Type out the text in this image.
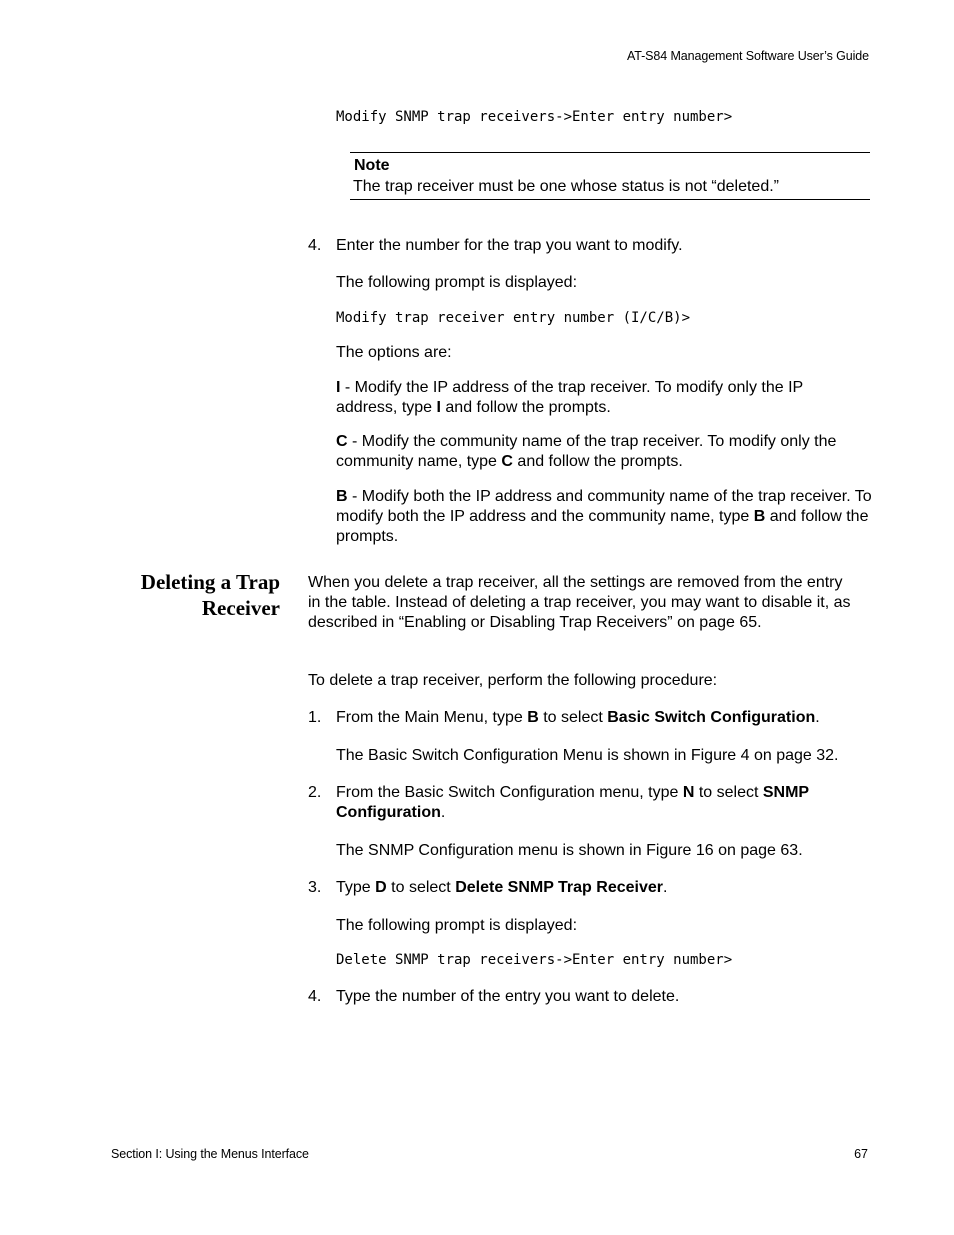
AT-S84 Management Software User’s Guide
Modify SNMP trap receivers->Enter entry number>
Note
The trap receiver must be one whose status is not “deleted.”
4. Enter the number for the trap you want to modify.
The following prompt is displayed:
Modify trap receiver entry number (I/C/B)>
The options are:
I - Modify the IP address of the trap receiver. To modify only the IP address, type I and follow the prompts.
C - Modify the community name of the trap receiver. To modify only the community name, type C and follow the prompts.
B - Modify both the IP address and community name of the trap receiver. To modify both the IP address and the community name, type B and follow the prompts.
Deleting a Trap
Receiver
When you delete a trap receiver, all the settings are removed from the entry in the table. Instead of deleting a trap receiver, you may want to disable it, as described in “Enabling or Disabling Trap Receivers” on page 65.
To delete a trap receiver, perform the following procedure:
1. From the Main Menu, type B to select Basic Switch Configuration.
The Basic Switch Configuration Menu is shown in Figure 4 on page 32.
2. From the Basic Switch Configuration menu, type N to select SNMP Configuration.
The SNMP Configuration menu is shown in Figure 16 on page 63.
3. Type D to select Delete SNMP Trap Receiver.
The following prompt is displayed:
Delete SNMP trap receivers->Enter entry number>
4. Type the number of the entry you want to delete.
Section I: Using the Menus Interface	67
